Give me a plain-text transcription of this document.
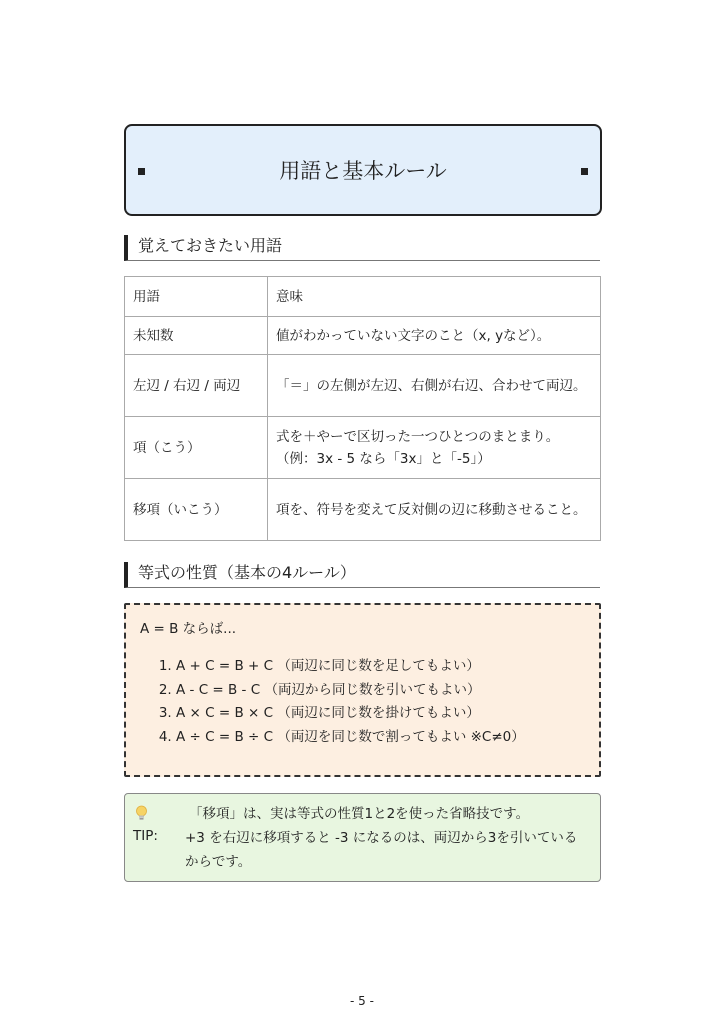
用語と基本ルール
覚えておきたい用語
用語	意味
未知数	値がわかっていない文字のこと（x, yなど）。
左辺 / 右辺 / 両辺	「＝」の左側が左辺、右側が右辺、合わせて両辺。
項（こう）	式を＋やーで区切った一つひとつのまとまり。（例：3x - 5 なら「3x」と「-5」）
移項（いこう）	項を、符号を変えて反対側の辺に移動させること。
等式の性質（基本の4ルール）

A = B ならば...

1. A + C = B + C （両辺に同じ数を足してもよい）
2. A - C = B - C （両辺から同じ数を引いてもよい）
3. A × C = B × C （両辺に同じ数を掛けてもよい）
4. A ÷ C = B ÷ C （両辺を同じ数で割ってもよい ※C≠0）
TIP:

「移項」は、実は等式の性質1と2を使った省略技です。

+3 を右辺に移項すると -3 になるのは、両辺から3を引いているからです。

- 5 -
